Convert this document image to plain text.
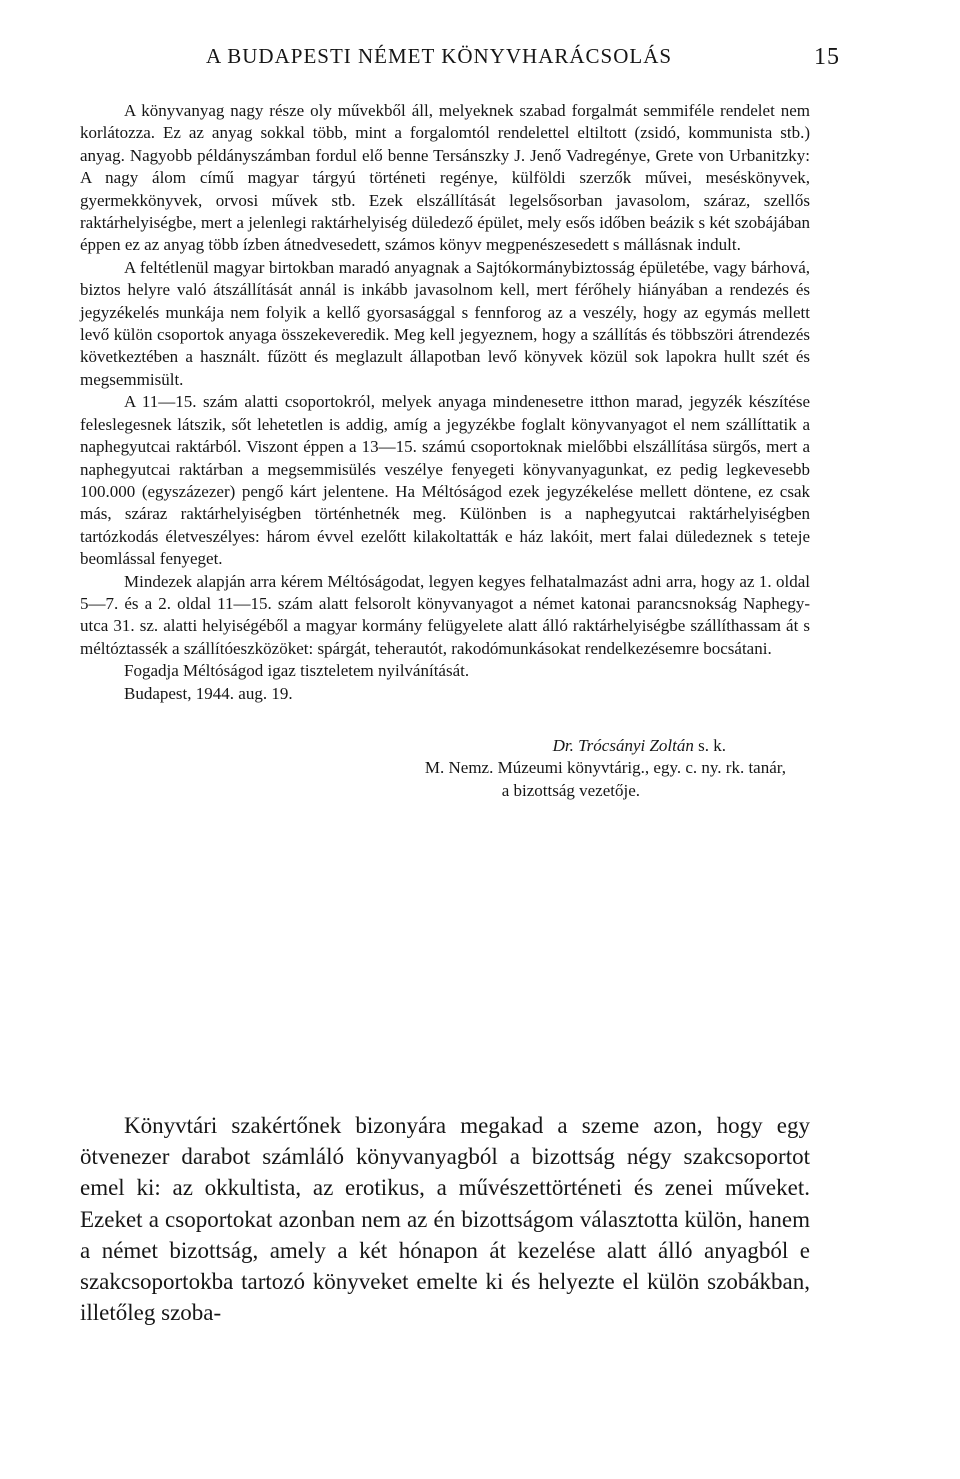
A BUDAPESTI NÉMET KÖNYVHARÁCSOLÁS	15

A könyvanyag nagy része oly művekből áll, melyeknek szabad forgalmát semmiféle rendelet nem korlátozza. Ez az anyag sokkal több, mint a forgalomtól rendelettel eltiltott (zsidó, kommunista stb.) anyag. Nagyobb példányszámban fordul elő benne Tersánszky J. Jenő Vadregénye, Grete von Urbanitzky: A nagy álom című magyar tárgyú történeti regénye, külföldi szerzők művei, meséskönyvek, gyermekkönyvek, orvosi művek stb. Ezek elszállítását legelsősorban javasolom, száraz, szellős raktárhelyiségbe, mert a jelenlegi raktárhelyiség düledező épület, mely esős időben beázik s két szobájában éppen ez az anyag több ízben átnedvesedett, számos könyv megpenészesedett s mállásnak indult.

A feltétlenül magyar birtokban maradó anyagnak a Sajtókormánybiztosság épületébe, vagy bárhová, biztos helyre való átszállítását annál is inkább javasolnom kell, mert férőhely hiányában a rendezés és jegyzékelés munkája nem folyik a kellő gyorsasággal s fennforog az a veszély, hogy az egymás mellett levő külön csoportok anyaga összekeveredik. Meg kell jegyeznem, hogy a szállítás és többszöri átrendezés következtében a használt. fűzött és meglazult állapotban levő könyvek közül sok lapokra hullt szét és megsemmisült.

A 11—15. szám alatti csoportokról, melyek anyaga mindenesetre itthon marad, jegyzék készítése feleslegesnek látszik, sőt lehetetlen is addig, amíg a jegyzékbe foglalt könyvanyagot el nem szállíttatik a naphegyutcai raktárból. Viszont éppen a 13—15. számú csoportoknak mielőbbi elszállítása sürgős, mert a naphegyutcai raktárban a megsemmisülés veszélye fenyegeti könyvanyagunkat, ez pedig legkevesebb 100.000 (egyszázezer) pengő kárt jelentene. Ha Méltóságod ezek jegyzékelése mellett döntene, ez csak más, száraz raktárhelyiségben történhetnék meg. Különben is a naphegyutcai raktárhelyiségben tartózkodás életveszélyes: három évvel ezelőtt kilakoltatták e ház lakóit, mert falai düledeznek s teteje beomlással fenyeget.

Mindezek alapján arra kérem Méltóságodat, legyen kegyes felhatalmazást adni arra, hogy az 1. oldal 5—7. és a 2. oldal 11—15. szám alatt felsorolt könyvanyagot a német katonai parancsnokság Naphegy-utca 31. sz. alatti helyiségéből a magyar kormány felügyelete alatt álló raktárhelyiségbe szállíthassam át s méltóztassék a szállítóeszközöket: spárgát, teherautót, rakodómunkásokat rendelkezésemre bocsátani.

Fogadja Méltóságod igaz tiszteletem nyilvánítását.

Budapest, 1944. aug. 19.

Dr. Trócsányi Zoltán s. k.

M. Nemz. Múzeumi könyvtárig., egy. c. ny. rk. tanár,

a bizottság vezetője.

Könyvtári szakértőnek bizonyára megakad a szeme azon, hogy egy ötvenezer darabot számláló könyvanyagból a bizottság négy szakcsoportot emel ki: az okkultista, az erotikus, a művészettörténeti és zenei műveket. Ezeket a csoportokat azonban nem az én bizottságom választotta külön, hanem a német bizottság, amely a két hónapon át kezelése alatt álló anyagból e szakcsoportokba tartozó könyveket emelte ki és helyezte el külön szobákban, illetőleg szoba-
